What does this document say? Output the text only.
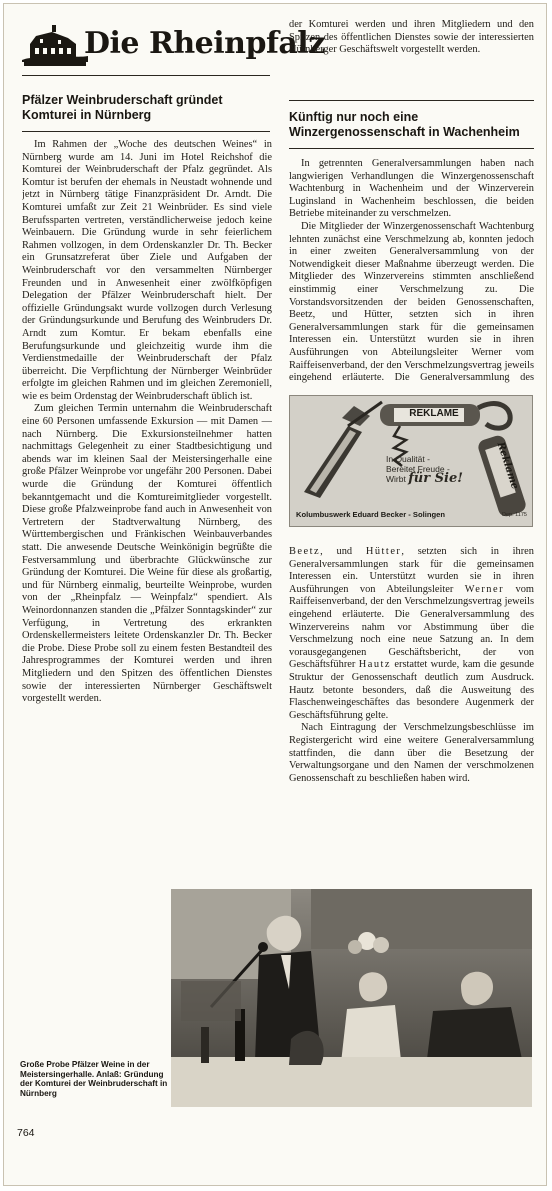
Die Rheinpfalz
Pfälzer Weinbruderschaft gründet Komturei in Nürnberg

Im Rahmen der „Woche des deutschen Weines“ in Nürnberg wurde am 14. Juni im Hotel Reichshof die Komturei der Weinbruderschaft der Pfalz gegründet. Als Komtur ist berufen der ehemals in Neustadt wohnende und jetzt in Nürnberg tätige Finanzpräsident Dr. Arndt. Die Komturei umfaßt zur Zeit 21 Weinbrüder. Es sind viele Berufssparten vertreten, verständlicherweise jedoch keine Weinbauern. Die Gründung wurde in sehr feierlichem Rahmen vollzogen, in dem Ordenskanzler Dr. Th. Becker ein Grunsatzreferat über Ziele und Aufgaben der Weinbruderschaft vor den versammelten Nürnberger Freunden und in Anwesenheit einer zwölfköpfigen Delegation der Pfälzer Weinbruderschaft hielt. Der offizielle Gründungsakt wurde vollzogen durch Verlesung der Gründungsurkunde und Berufung des Weinbruders Dr. Arndt zum Komtur. Er bekam ebenfalls eine Berufungsurkunde und gleichzeitig wurde ihm die Verdienstmedaille der Weinbruderschaft der Pfalz überreicht. Die Verpflichtung der Nürnberger Weinbrüder erfolgte im gleichen Rahmen und im gleichen Zeremoniell, wie es beim Ordenstag der Weinbruderschaft üblich ist.

Zum gleichen Termin unternahm die Weinbruderschaft eine 60 Personen umfassende Exkursion — mit Damen — nach Nürnberg. Die Exkursionsteilnehmer hatten nachmittags Gelegenheit zu einer Stadtbesichtigung und abends war im kleinen Saal der Meistersingerhalle eine große Pfälzer Weinprobe vor ungefähr 200 Personen. Dabei wurde die Gründung der Komturei öffentlich bekanntgemacht und die Komtureimitglieder vorgestellt. Diese große Pfalzweinprobe fand auch in Anwesenheit von Vertretern der Stadtverwaltung Nürnberg, des Württembergischen und Fränkischen Weinbauverbandes statt. Die anwesende Deutsche Weinkönigin begrüßte die Festversammlung und überbrachte Glückwünsche zur Gründung der Komturei. Die Weine für diese als großartig, und für Nürnberg einmalig, beurteilte Weinprobe, wurden von der „Rheinpfalz — Weinpfalz“ spendiert. Als Weinordonnanzen standen die „Pfälzer Sonntagskinder“ zur Verfügung, in Vertretung des erkrankten Ordenskellermeisters leitete Ordenskanzler Dr. Th. Becker die Probe. Diese Probe soll zu einem festen Bestandteil des Jahresprogrammes der Komturei werden und ihren Mitgliedern und den Spitzen des öffentlichen Dienstes sowie der interessierten Nürnberger Geschäftswelt vorgestellt werden.

der Komturei werden und ihren Mitgliedern und den Spitzen des öffentlichen Dienstes sowie der interessierten Nürnberger Geschäftswelt vorgestellt werden.

Künftig nur noch eine Winzergenossenschaft in Wachenheim

In getrennten Generalversammlungen haben nach langwierigen Verhandlungen die Winzergenossenschaft Wachtenburg in Wachenheim und der Winzerverein Luginsland in Wachenheim beschlossen, die beiden Betriebe miteinander zu verschmelzen.

Die Mitglieder der Winzergenossenschaft Wachtenburg lehnten zunächst eine Verschmelzung ab, konnten jedoch in einer zweiten Generalversammlung von der Notwendigkeit dieser Maßnahme überzeugt werden. Die Mitglieder des Winzervereins stimmten anschließend einstimmig einer Verschmelzung zu. Die Vorstandsvorsitzenden der beiden Genossenschaften, Beetz, und Hütter, setzten sich in ihren Generalversammlungen stark für die gemeinsamen Interessen ein. Unterstützt wurden sie in ihren Ausführungen von Abteilungsleiter Werner vom Raiffeisenverband, der den Verschmelzungsvertrag jeweils eingehend erläuterte. Die Generalversammlung des

REKLAME
Reklame
In Qualität -
Bereitet Freude -
Wirbt für Sie!
Kolumbuswerk Eduard Becker - Solingen	Dep. 1175

Beetz, und Hütter, setzten sich in ihren Generalversammlungen stark für die gemeinsamen Interessen ein. Unterstützt wurden sie in ihren Ausführungen von Abteilungsleiter Werner vom Raiffeisenverband, der den Verschmelzungsvertrag jeweils eingehend erläuterte. Die Generalversammlung des Winzervereins nahm vor Abstimmung über die Verschmelzung noch eine neue Satzung an. In dem vorausgegangenen Geschäftsbericht, der von Geschäftsführer Hautz erstattet wurde, kam die gesunde Struktur der Genossenschaft deutlich zum Ausdruck. Hautz betonte besonders, daß die Ausweitung des Flaschenweingeschäftes das besondere Augenmerk der Geschäftsführung gelte.

Nach Eintragung der Verschmelzungsbeschlüsse im Registergericht wird eine weitere Generalversammlung stattfinden, die dann über die Besetzung der Verwaltungsorgane und den Namen der verschmolzenen Genossenschaft zu beschließen haben wird.

Große Probe Pfälzer Weine in der Meistersingerhalle. Anlaß: Gründung der Komturei der Weinbruderschaft in Nürnberg
764
